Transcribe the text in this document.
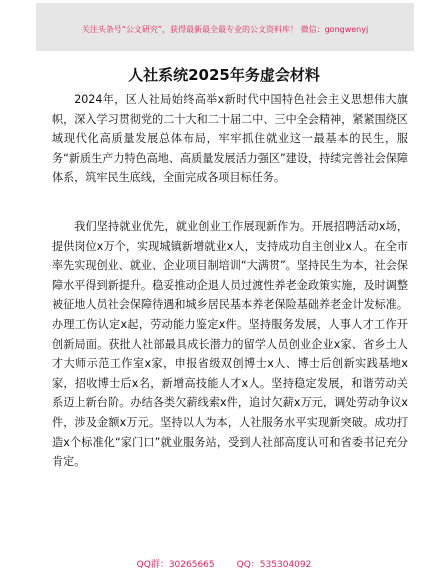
关注头条号“公文研究”，获得最新最全最专业的公文资料库！ 微信：gongwenyj
人社系统2025年务虚会材料
2024年，区人社局始终高举x新时代中国特色社会主义思想伟大旗帜，深入学习贯彻党的二十大和二十届二中、三中全会精神，紧紧围绕区域现代化高质量发展总体布局，牢牢抓住就业这一最基本的民生，服务“新质生产力特色高地、高质量发展活力强区”建设，持续完善社会保障体系，筑牢民生底线，全面完成各项目标任务。
我们坚持就业优先，就业创业工作展现新作为。开展招聘活动x场，提供岗位x万个，实现城镇新增就业x人，支持成功自主创业x人。在全市率先实现创业、就业、企业项目制培训“大满贯”。坚持民生为本，社会保障水平得到新提升。稳妥推动企退人员过渡性养老金政策实施，及时调整被征地人员社会保障待遇和城乡居民基本养老保险基础养老金计发标准。办理工伤认定x起，劳动能力鉴定x件。坚持服务发展，人事人才工作开创新局面。获批人社部最具成长潜力的留学人员创业企业x家、省乡土人才大师示范工作室x家，申报省级双创博士x人、博士后创新实践基地x家，招收博士后x名，新增高技能人才x人。坚持稳定发展，和谐劳动关系迈上新台阶。办结各类欠薪线索x件，追讨欠薪x万元，调处劳动争议x件，涉及金额x万元。坚持以人为本，人社服务水平实现新突破。成功打造x个标准化“家门口”就业服务站，受到人社部高度认可和省委书记充分肯定。
QQ群：30265665 QQ：535304092
